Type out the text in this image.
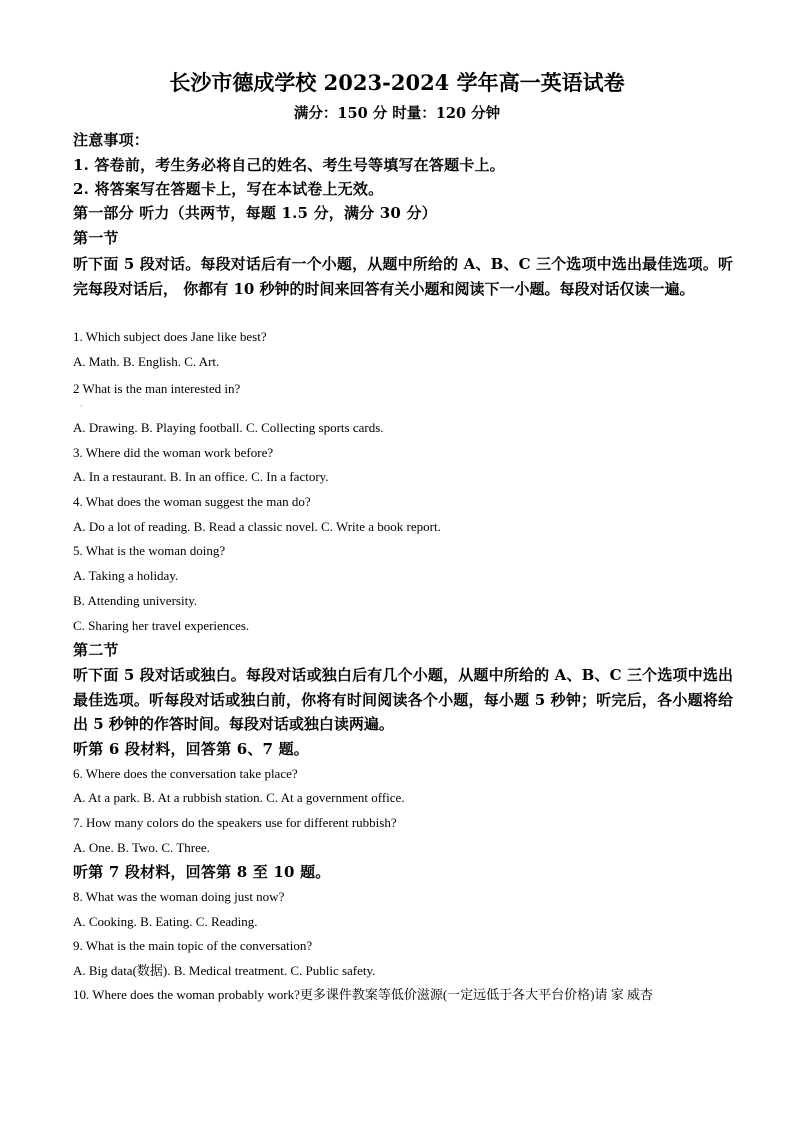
长沙市德成学校 2023-2024 学年高一英语试卷
满分：150 分 时量：120 分钟
注意事项：
1. 答卷前，考生务必将自己的姓名、考生号等填写在答题卡上。
2. 将答案写在答题卡上，写在本试卷上无效。
第一部分 听力（共两节，每题 1.5 分，满分 30 分）
第一节
听下面 5 段对话。每段对话后有一个小题，从题中所给的 A、B、C 三个选项中选出最佳选项。听完每段对话后， 你都有 10 秒钟的时间来回答有关小题和阅读下一小题。每段对话仅读一遍。
1. Which subject does Jane like best?
A. Math. B. English. C. Art.
2 What is the man interested in?
·
A. Drawing. B. Playing football. C. Collecting sports cards.
3. Where did the woman work before?
A. In a restaurant. B. In an office. C. In a factory.
4. What does the woman suggest the man do?
A. Do a lot of reading. B. Read a classic novel. C. Write a book report.
5. What is the woman doing?
A. Taking a holiday.
B. Attending university.
C. Sharing her travel experiences.
第二节
听下面 5 段对话或独白。每段对话或独白后有几个小题，从题中所给的 A、B、C 三个选项中选出最佳选项。听每段对话或独白前，你将有时间阅读各个小题，每小题 5 秒钟；听完后，各小题将给出 5 秒钟的作答时间。每段对话或独白读两遍。
听第 6 段材料，回答第 6、7 题。
6. Where does the conversation take place?
A. At a park. B. At a rubbish station. C. At a government office.
7. How many colors do the speakers use for different rubbish?
A. One. B. Two. C. Three.
听第 7 段材料，回答第 8 至 10 题。
8. What was the woman doing just now?
A. Cooking. B. Eating. C. Reading.
9. What is the main topic of the conversation?
A. Big data(数据). B. Medical treatment. C. Public safety.
10. Where does the woman probably work?更多课件教案等低价滋源(一定远低于各大平台价格)请 家 威杏
